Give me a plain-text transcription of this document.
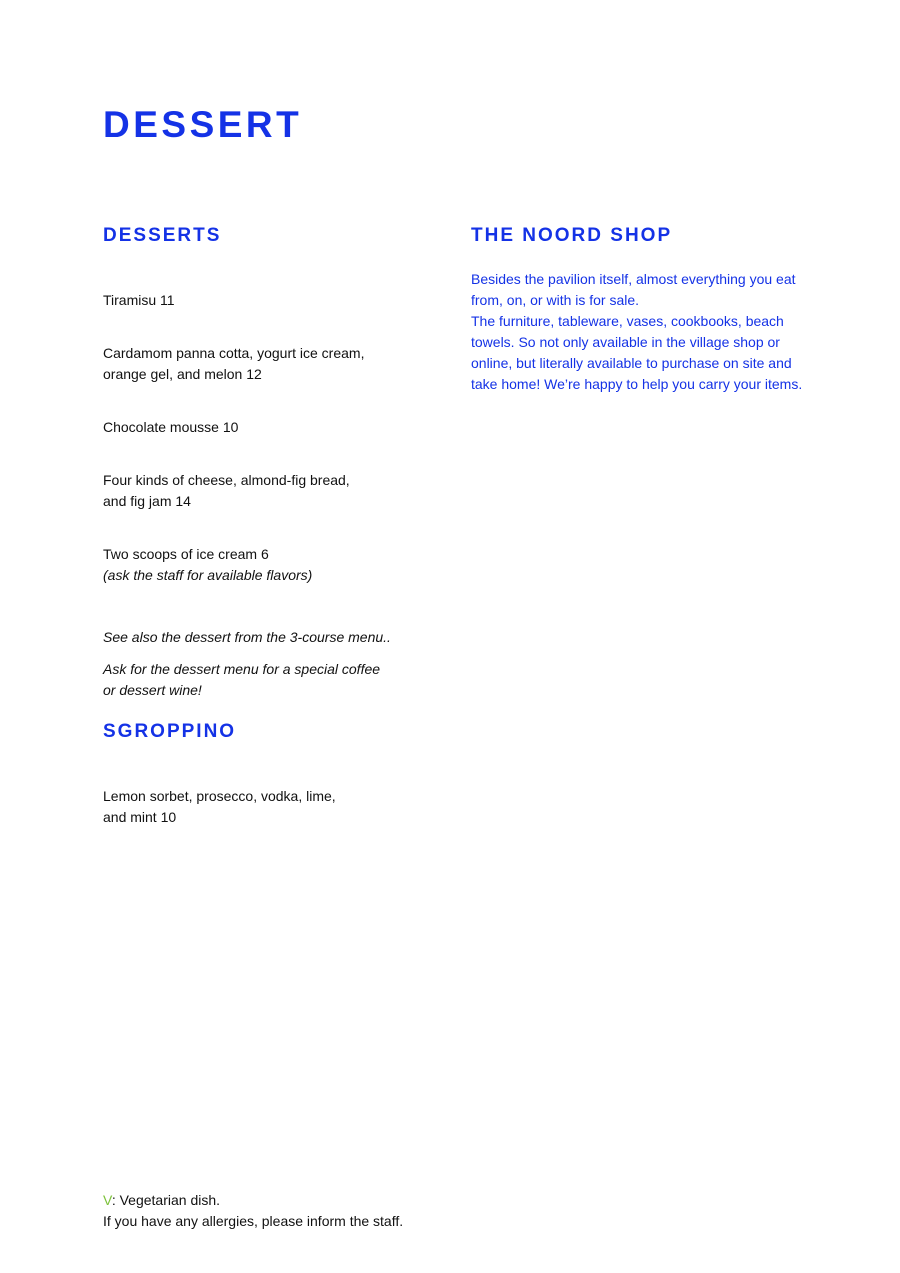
DESSERT
DESSERTS

Tiramisu 11

Cardamom panna cotta, yogurt ice cream,
orange gel, and melon 12

Chocolate mousse 10

Four kinds of cheese, almond-fig bread,
and fig jam 14

Two scoops of ice cream 6

(ask the staff for available flavors)

See also the dessert from the 3-course menu..

Ask for the dessert menu for a special coffee
or dessert wine!

SGROPPINO

Lemon sorbet, prosecco, vodka, lime,
and mint 10

THE NOORD SHOP

Besides the pavilion itself, almost everything you eat
from, on, or with is for sale.
The furniture, tableware, vases, cookbooks, beach
towels. So not only available in the village shop or
online, but literally available to purchase on site and
take home! We’re happy to help you carry your items.

V: Vegetarian dish.
If you have any allergies, please inform the staff.
